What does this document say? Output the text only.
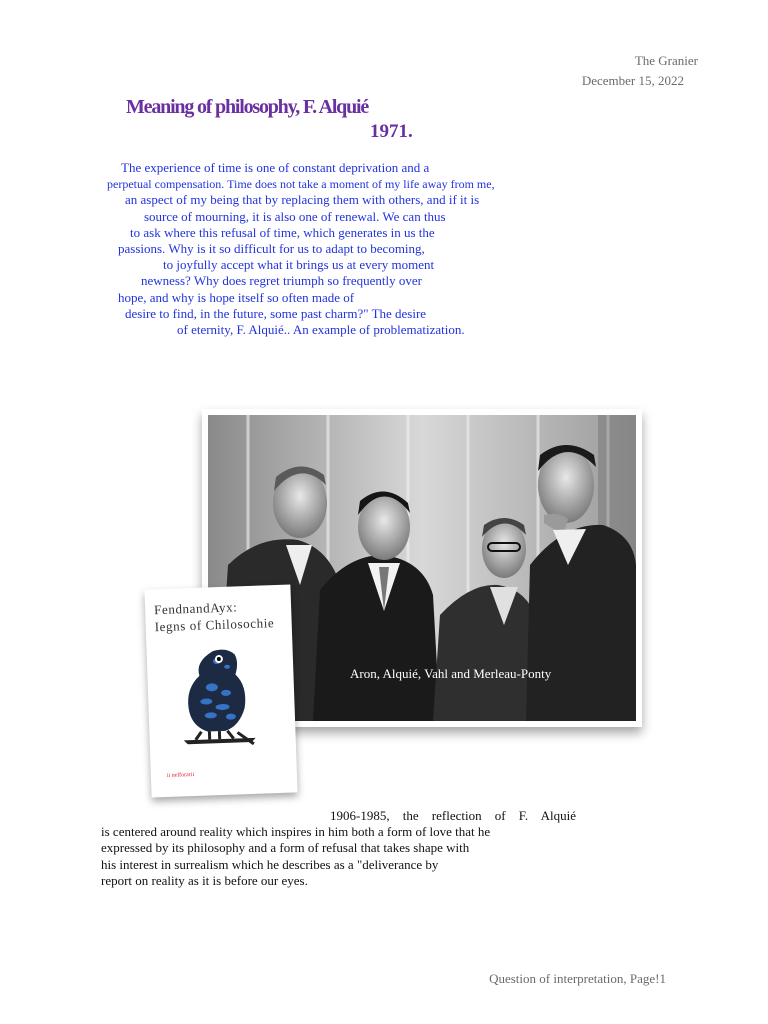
The Granier
December 15, 2022
Meaning of philosophy, F. Alquié
1971.
The experience of time is one of constant deprivation and a
perpetual compensation. Time does not take a moment of my life away from me,
an aspect of my being that by replacing them with others, and if it is
source of mourning, it is also one of renewal. We can thus
to ask where this refusal of time, which generates in us the
passions. Why is it so difficult for us to adapt to becoming,
to joyfully accept what it brings us at every moment
newness? Why does regret triumph so frequently over
hope, and why is hope itself so often made of
desire to find, in the future, some past charm?" The desire
of eternity, F. Alquié.. An example of problematization.
Aron, Alquié, Vahl and Merleau-Ponty
FendnandAyx:
Iegns of Chilosochie
ii nelforarii
1906-1985, the reflection of F. Alquié
is centered around reality which inspires in him both a form of love that he
expressed by its philosophy and a form of refusal that takes shape with
his interest in surrealism which he describes as a "deliverance by
report on reality as it is before our eyes.
Question of interpretation, Page!1
